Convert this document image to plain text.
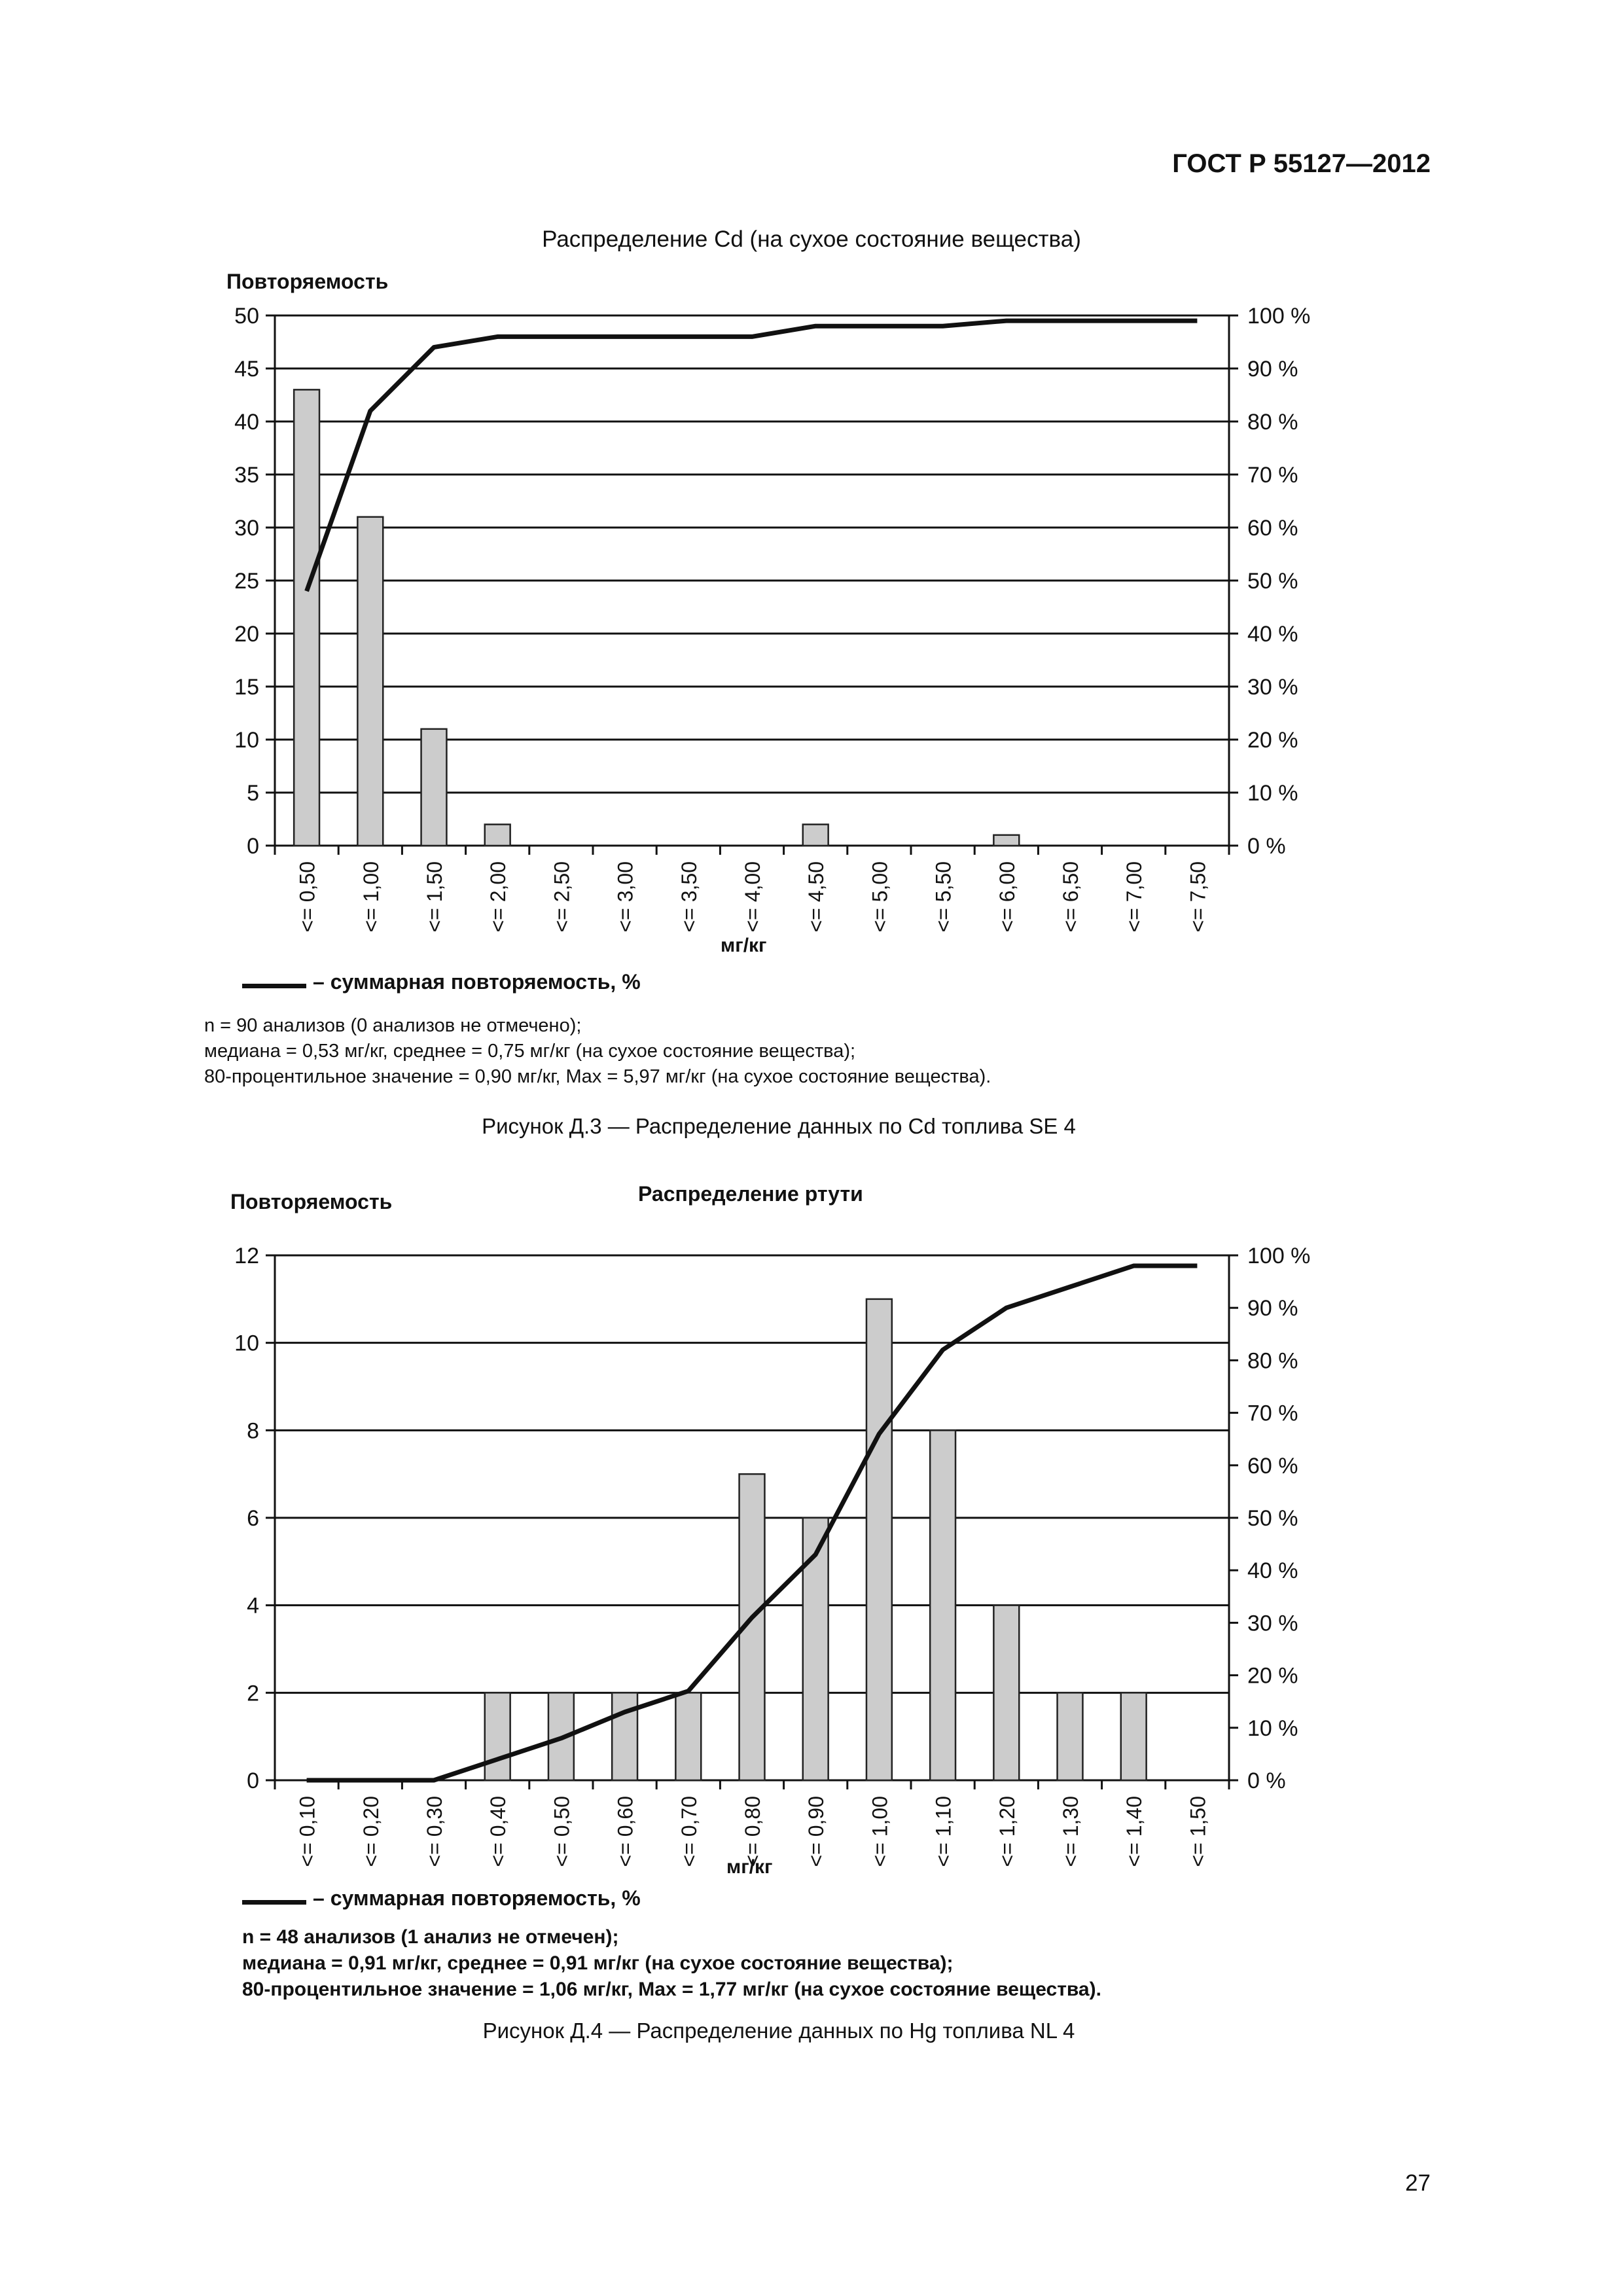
ГОСТ Р 55127—2012
Распределение Cd (на сухое состояние вещества)
Повторяемость
мг/кг
– суммарная повторяемость, %
n = 90 анализов (0 анализов не отмечено);
медиана = 0,53 мг/кг, среднее = 0,75 мг/кг (на сухое состояние вещества);
80-процентильное значение = 0,90 мг/кг, Max = 5,97 мг/кг (на сухое состояние вещества).
Рисунок Д.3 — Распределение данных по Cd топлива SE 4
Повторяемость	Распределение ртути
мг/кг
– суммарная повторяемость, %
n = 48 анализов (1 анализ не отмечен);
медиана = 0,91 мг/кг, среднее = 0,91 мг/кг (на сухое состояние вещества);
80-процентильное значение = 1,06 мг/кг, Max = 1,77 мг/кг (на сухое состояние вещества).
Рисунок Д.4 — Распределение данных по Hg топлива NL 4
27
0
5
10
15
20
25
30
35
40
45
50
0 %
10 %
20 %
30 %
40 %
50 %
60 %
70 %
80 %
90 %
100 %
<= 0,50 <= 1,00 <= 1,50 <= 2,00 <= 2,50 <= 3,00 <= 3,50 <= 4,00 <= 4,50 <= 5,00 <= 5,50 <= 6,00 <= 6,50 <= 7,00 <= 7,50
0
2
4
6
8
10
12
0 %
10 %
20 %
30 %
40 %
50 %
60 %
70 %
80 %
90 %
100 %
<= 0,10 <= 0,20 <= 0,30 <= 0,40 <= 0,50 <= 0,60 <= 0,70 <= 0,80 <= 0,90 <= 1,00 <= 1,10 <= 1,20 <= 1,30 <= 1,40 <= 1,50
